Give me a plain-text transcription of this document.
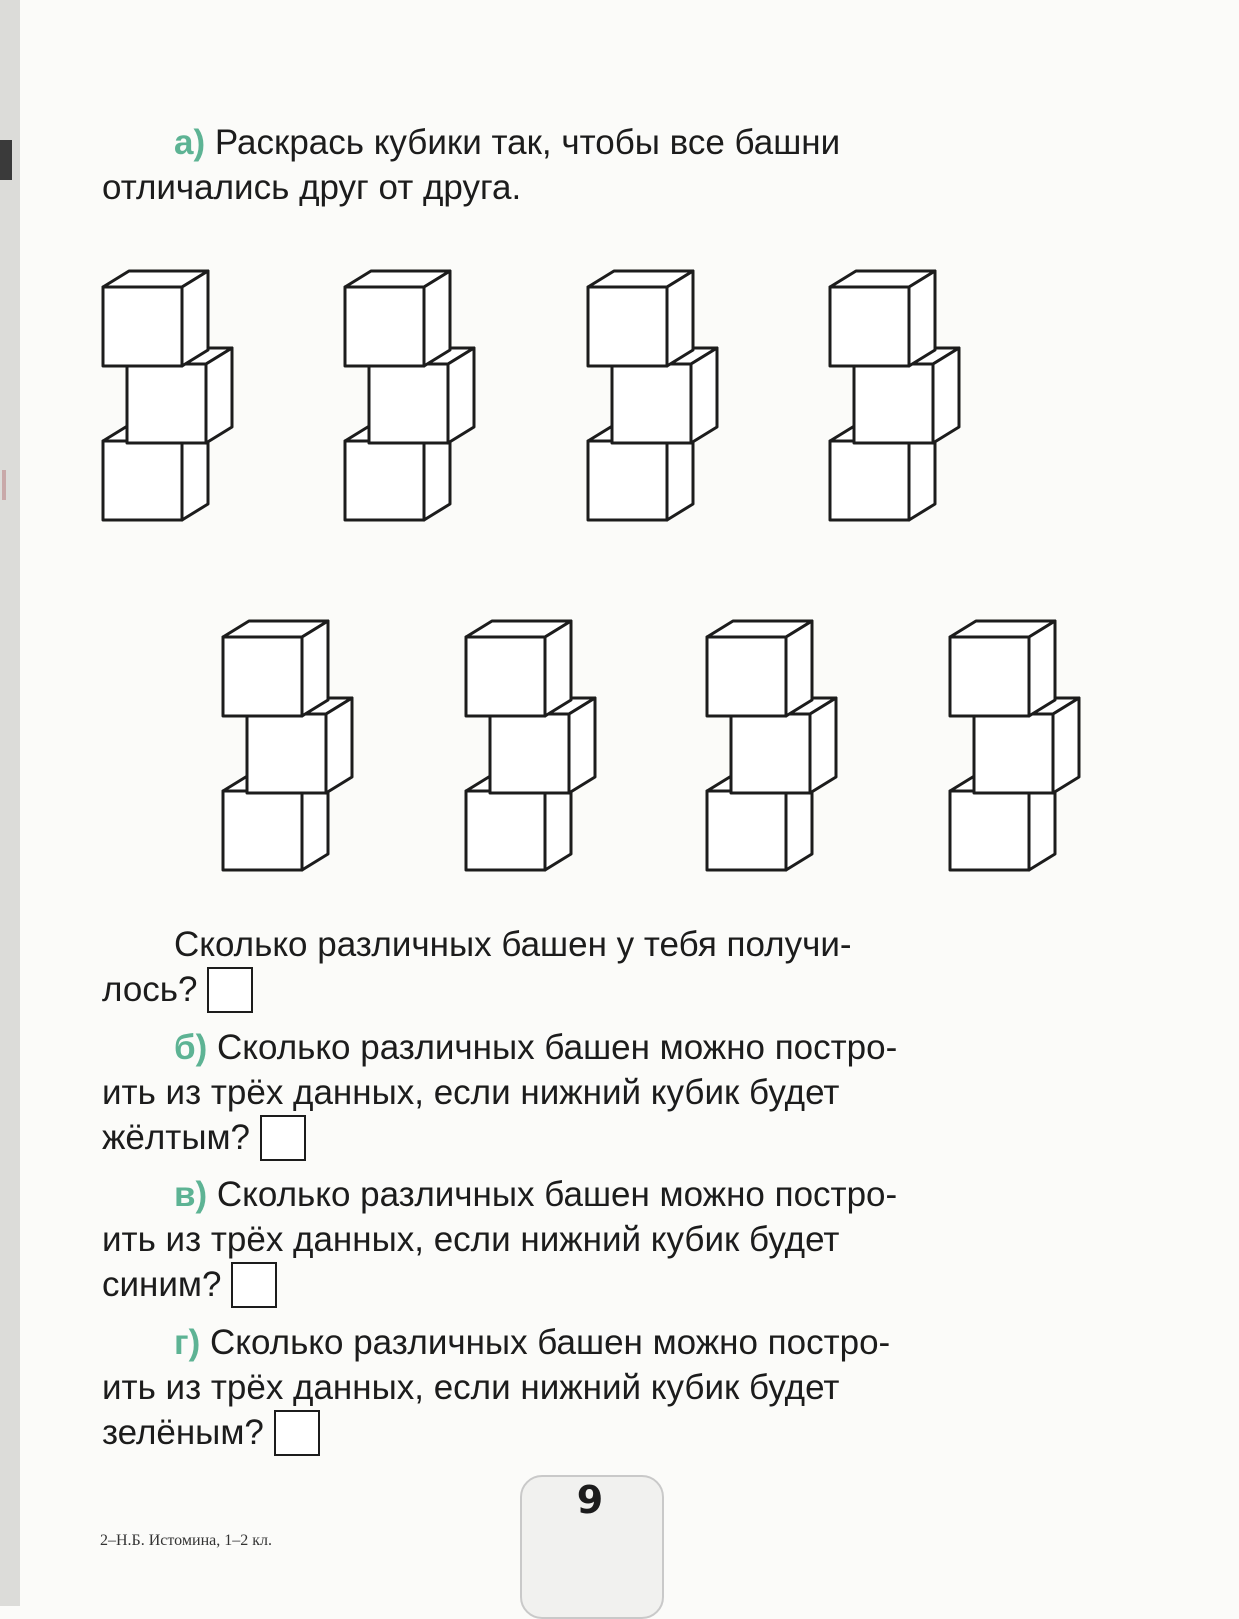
а) Раскрась кубики так, чтобы все башни
отличались друг от друга.
Сколько различных башен у тебя получи-
лось?
б) Сколько различных башен можно постро-
ить из трёх данных, если нижний кубик будет
жёлтым?
в) Сколько различных башен можно постро-
ить из трёх данных, если нижний кубик будет
синим?
г) Сколько различных башен можно постро-
ить из трёх данных, если нижний кубик будет
зелёным?
2–Н.Б. Истомина, 1–2 кл.
9
